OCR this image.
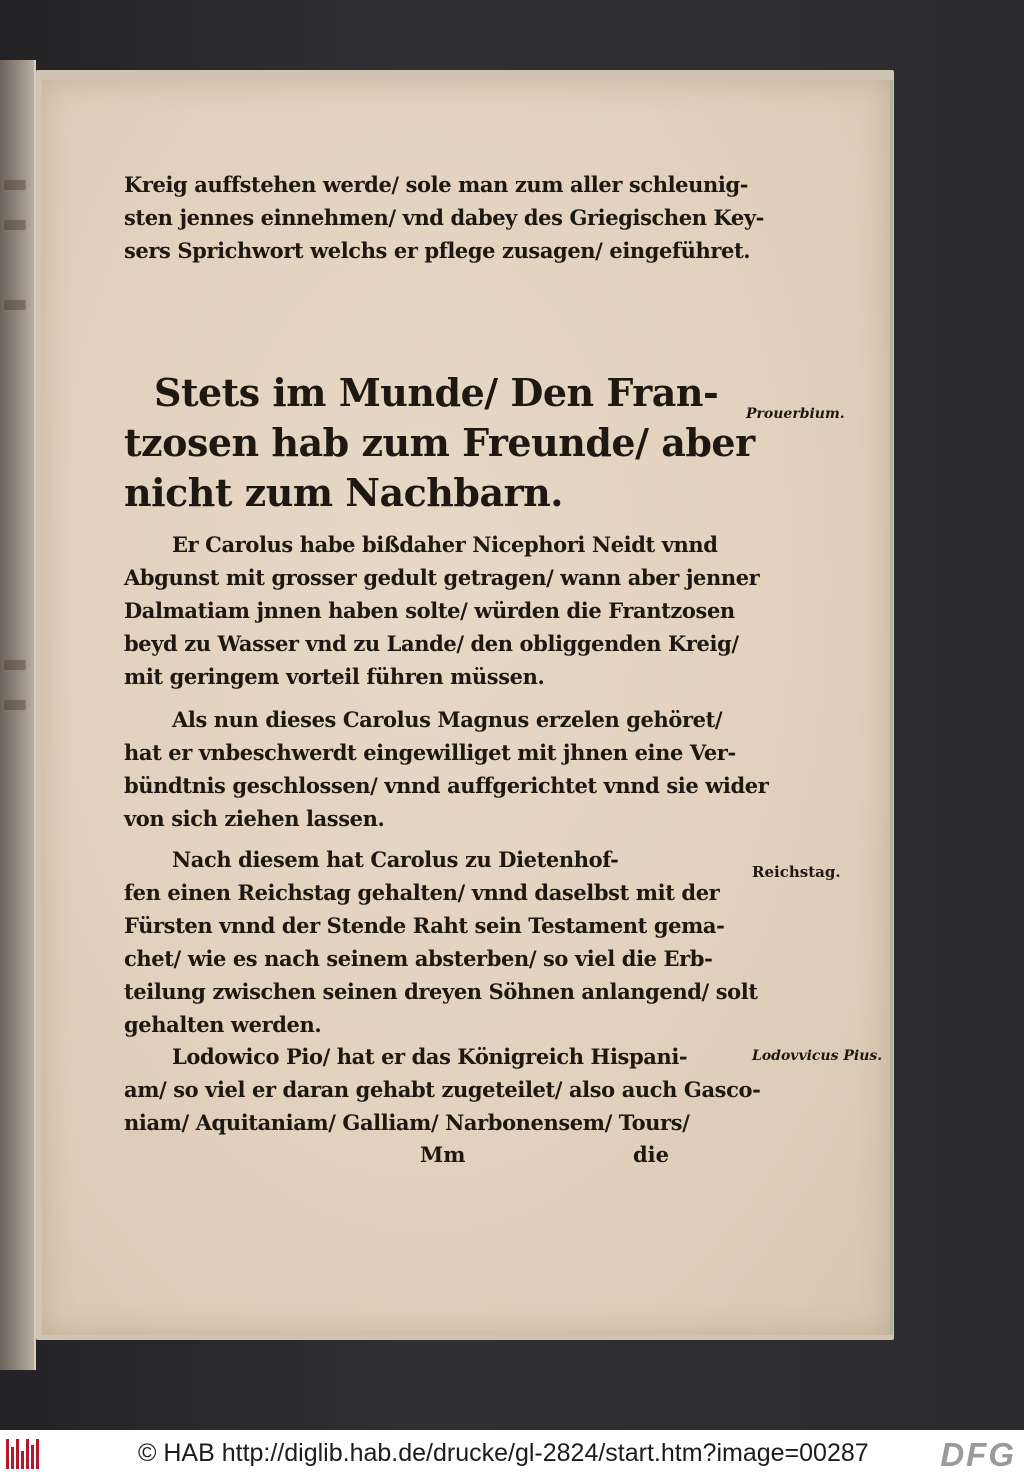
Kreig auffstehen werde/ sole man zum aller schleunig-
sten jennes einnehmen/ vnd dabey des Griegischen Key-
sers Sprichwort welchs er pflege zusagen/ eingeführet.
Stets im Munde/ Den Fran-
tzosen hab zum Freunde/ aber
nicht zum Nachbarn.
Er Carolus habe bißdaher Nicephori Neidt vnnd
Abgunst mit grosser gedult getragen/ wann aber jenner
Dalmatiam jnnen haben solte/ würden die Frantzosen
beyd zu Wasser vnd zu Lande/ den obliggenden Kreig/
mit geringem vorteil führen müssen.
Als nun dieses Carolus Magnus erzelen gehöret/
hat er vnbeschwerdt eingewilliget mit jhnen eine Ver-
bündtnis geschlossen/ vnnd auffgerichtet vnnd sie wider
von sich ziehen lassen.
Nach diesem hat Carolus zu Dietenhof-
fen einen Reichstag gehalten/ vnnd daselbst mit der
Fürsten vnnd der Stende Raht sein Testament gema-
chet/ wie es nach seinem absterben/ so viel die Erb-
teilung zwischen seinen dreyen Söhnen anlangend/ solt
gehalten werden.
Lodowico Pio/ hat er das Königreich Hispani-
am/ so viel er daran gehabt zugeteilet/ also auch Gasco-
niam/ Aquitaniam/ Galliam/ Narbonensem/ Tours/
Mm	die
Prouerbium.
Reichstag.
Lodovvicus Pius.
© HAB http://diglib.hab.de/drucke/gl-2824/start.htm?image=00287 DFG
